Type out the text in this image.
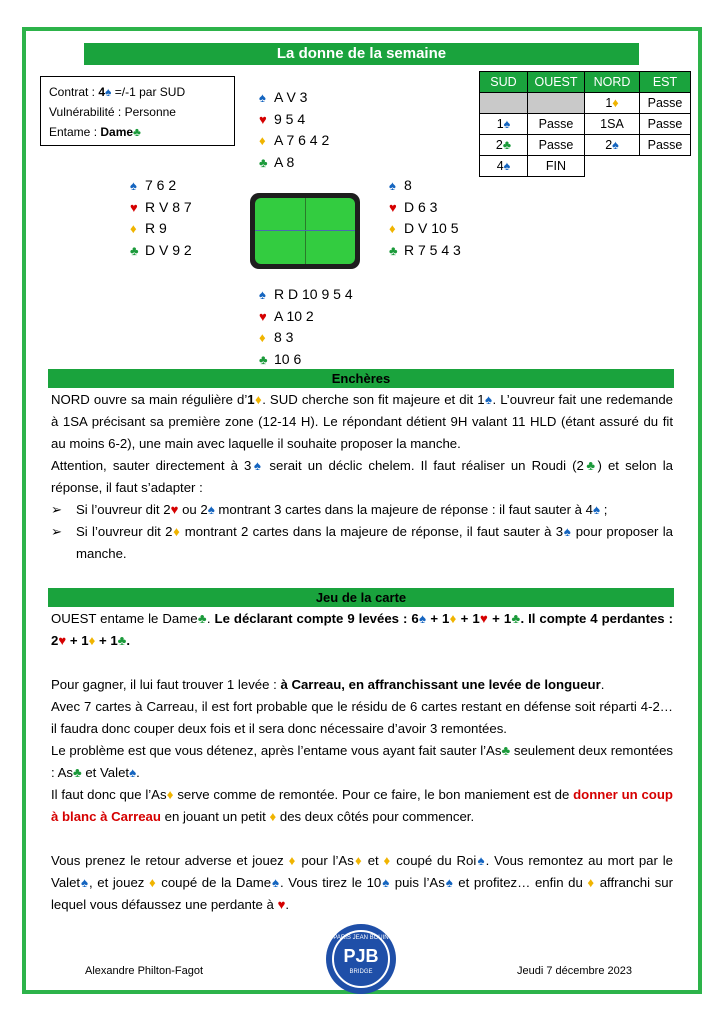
La donne de la semaine
Contrat : 4♠ =/-1 par SUD
Vulnérabilité : Personne
Entame : Dame♣
♠ A V 3
♥ 9 5 4
♦ A 7 6 4 2
♣ A 8
♠ 7 6 2
♥ R V 8 7
♦ R 9
♣ D V 9 2
♠ 8
♥ D 6 3
♦ D V 10 5
♣ R 7 5 4 3
♠ R D 10 9 5 4
♥ A 10 2
♦ 8 3
♣ 10 6
SUD	OUEST	NORD	EST
		1♦	Passe
1♠	Passe	1SA	Passe
2♣	Passe	2♠	Passe
4♠	FIN		
Enchères

NORD ouvre sa main régulière d’1♦. SUD cherche son fit majeure et dit 1♠. L’ouvreur fait une redemande à 1SA précisant sa première zone (12-14 H). Le répondant détient 9H valant 11 HLD (étant assuré du fit au moins 6-2), une main avec laquelle il souhaite proposer la manche.

Attention, sauter directement à 3♠ serait un déclic chelem. Il faut réaliser un Roudi (2♣) et selon la réponse, il faut s’adapter :

➢	Si l’ouvreur dit 2♥ ou 2♠ montrant 3 cartes dans la majeure de réponse : il faut sauter à 4♠ ;
➢	Si l’ouvreur dit 2♦ montrant 2 cartes dans la majeure de réponse, il faut sauter à 3♠ pour proposer la manche.
Jeu de la carte

OUEST entame le Dame♣. Le déclarant compte 9 levées : 6♠ + 1♦ + 1♥ + 1♣. Il compte 4 perdantes : 2♥ + 1♦ + 1♣.

Pour gagner, il lui faut trouver 1 levée : à Carreau, en affranchissant une levée de longueur.

Avec 7 cartes à Carreau, il est fort probable que le résidu de 6 cartes restant en défense soit réparti 4-2… il faudra donc couper deux fois et il sera donc nécessaire d’avoir 3 remontées.

Le problème est que vous détenez, après l’entame vous ayant fait sauter l’As♣ seulement deux remontées : As♣ et Valet♠.

Il faut donc que l’As♦ serve comme de remontée. Pour ce faire, le bon maniement est de donner un coup à blanc à Carreau en jouant un petit ♦ des deux côtés pour commencer.

Vous prenez le retour adverse et jouez ♦ pour l’As♦ et ♦ coupé du Roi♠. Vous remontez au mort par le Valet♠, et jouez ♦ coupé de la Dame♠. Vous tirez le 10♠ puis l’As♠ et profitez… enfin du ♦ affranchi sur lequel vous défaussez une perdante à ♥.

Alexandre Philton-Fagot
PARIS JEAN BOUIN
PJB
BRIDGE	Jeudi 7 décembre 2023
